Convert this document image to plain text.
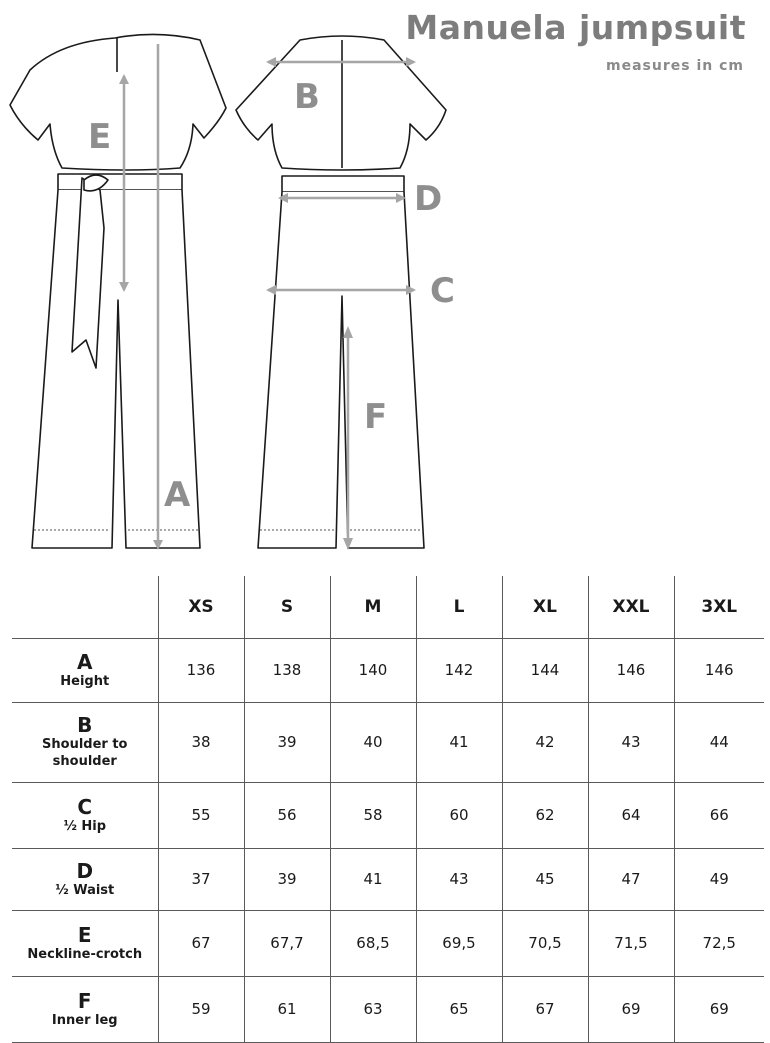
Manuela jumpsuit
measures in cm
E
A
B
D
C
F
	XS	S	M	L	XL	XXL	3XL

A
Height	136	138	140	142	144	146	146

B
Shoulder to shoulder	38	39	40	41	42	43	44

C
½ Hip	55	56	58	60	62	64	66

D
½ Waist	37	39	41	43	45	47	49

E
Neckline-crotch	67	67,7	68,5	69,5	70,5	71,5	72,5

F
Inner leg	59	61	63	65	67	69	69
